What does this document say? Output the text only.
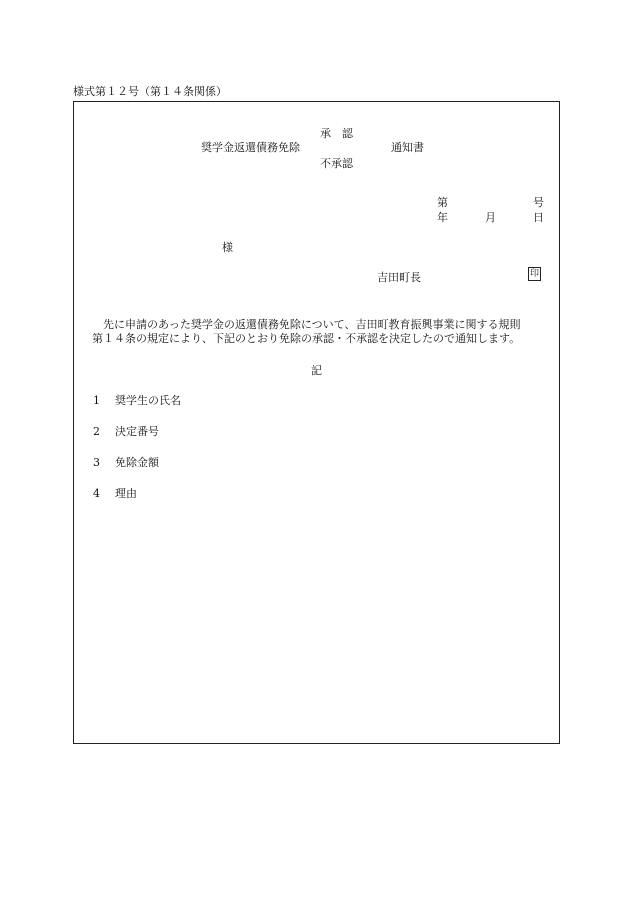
様式第１２号（第１４条関係）
承　認
奨学金返還債務免除	通知書
不承認
第	号
年	月	日
様
吉田町長	印
先に申請のあった奨学金の返還債務免除について、吉田町教育振興事業に関する規則
第１４条の規定により、下記のとおり免除の承認・不承認を決定したので通知します。
記
1 奨学生の氏名
2 決定番号
3 免除金額
4 理由
